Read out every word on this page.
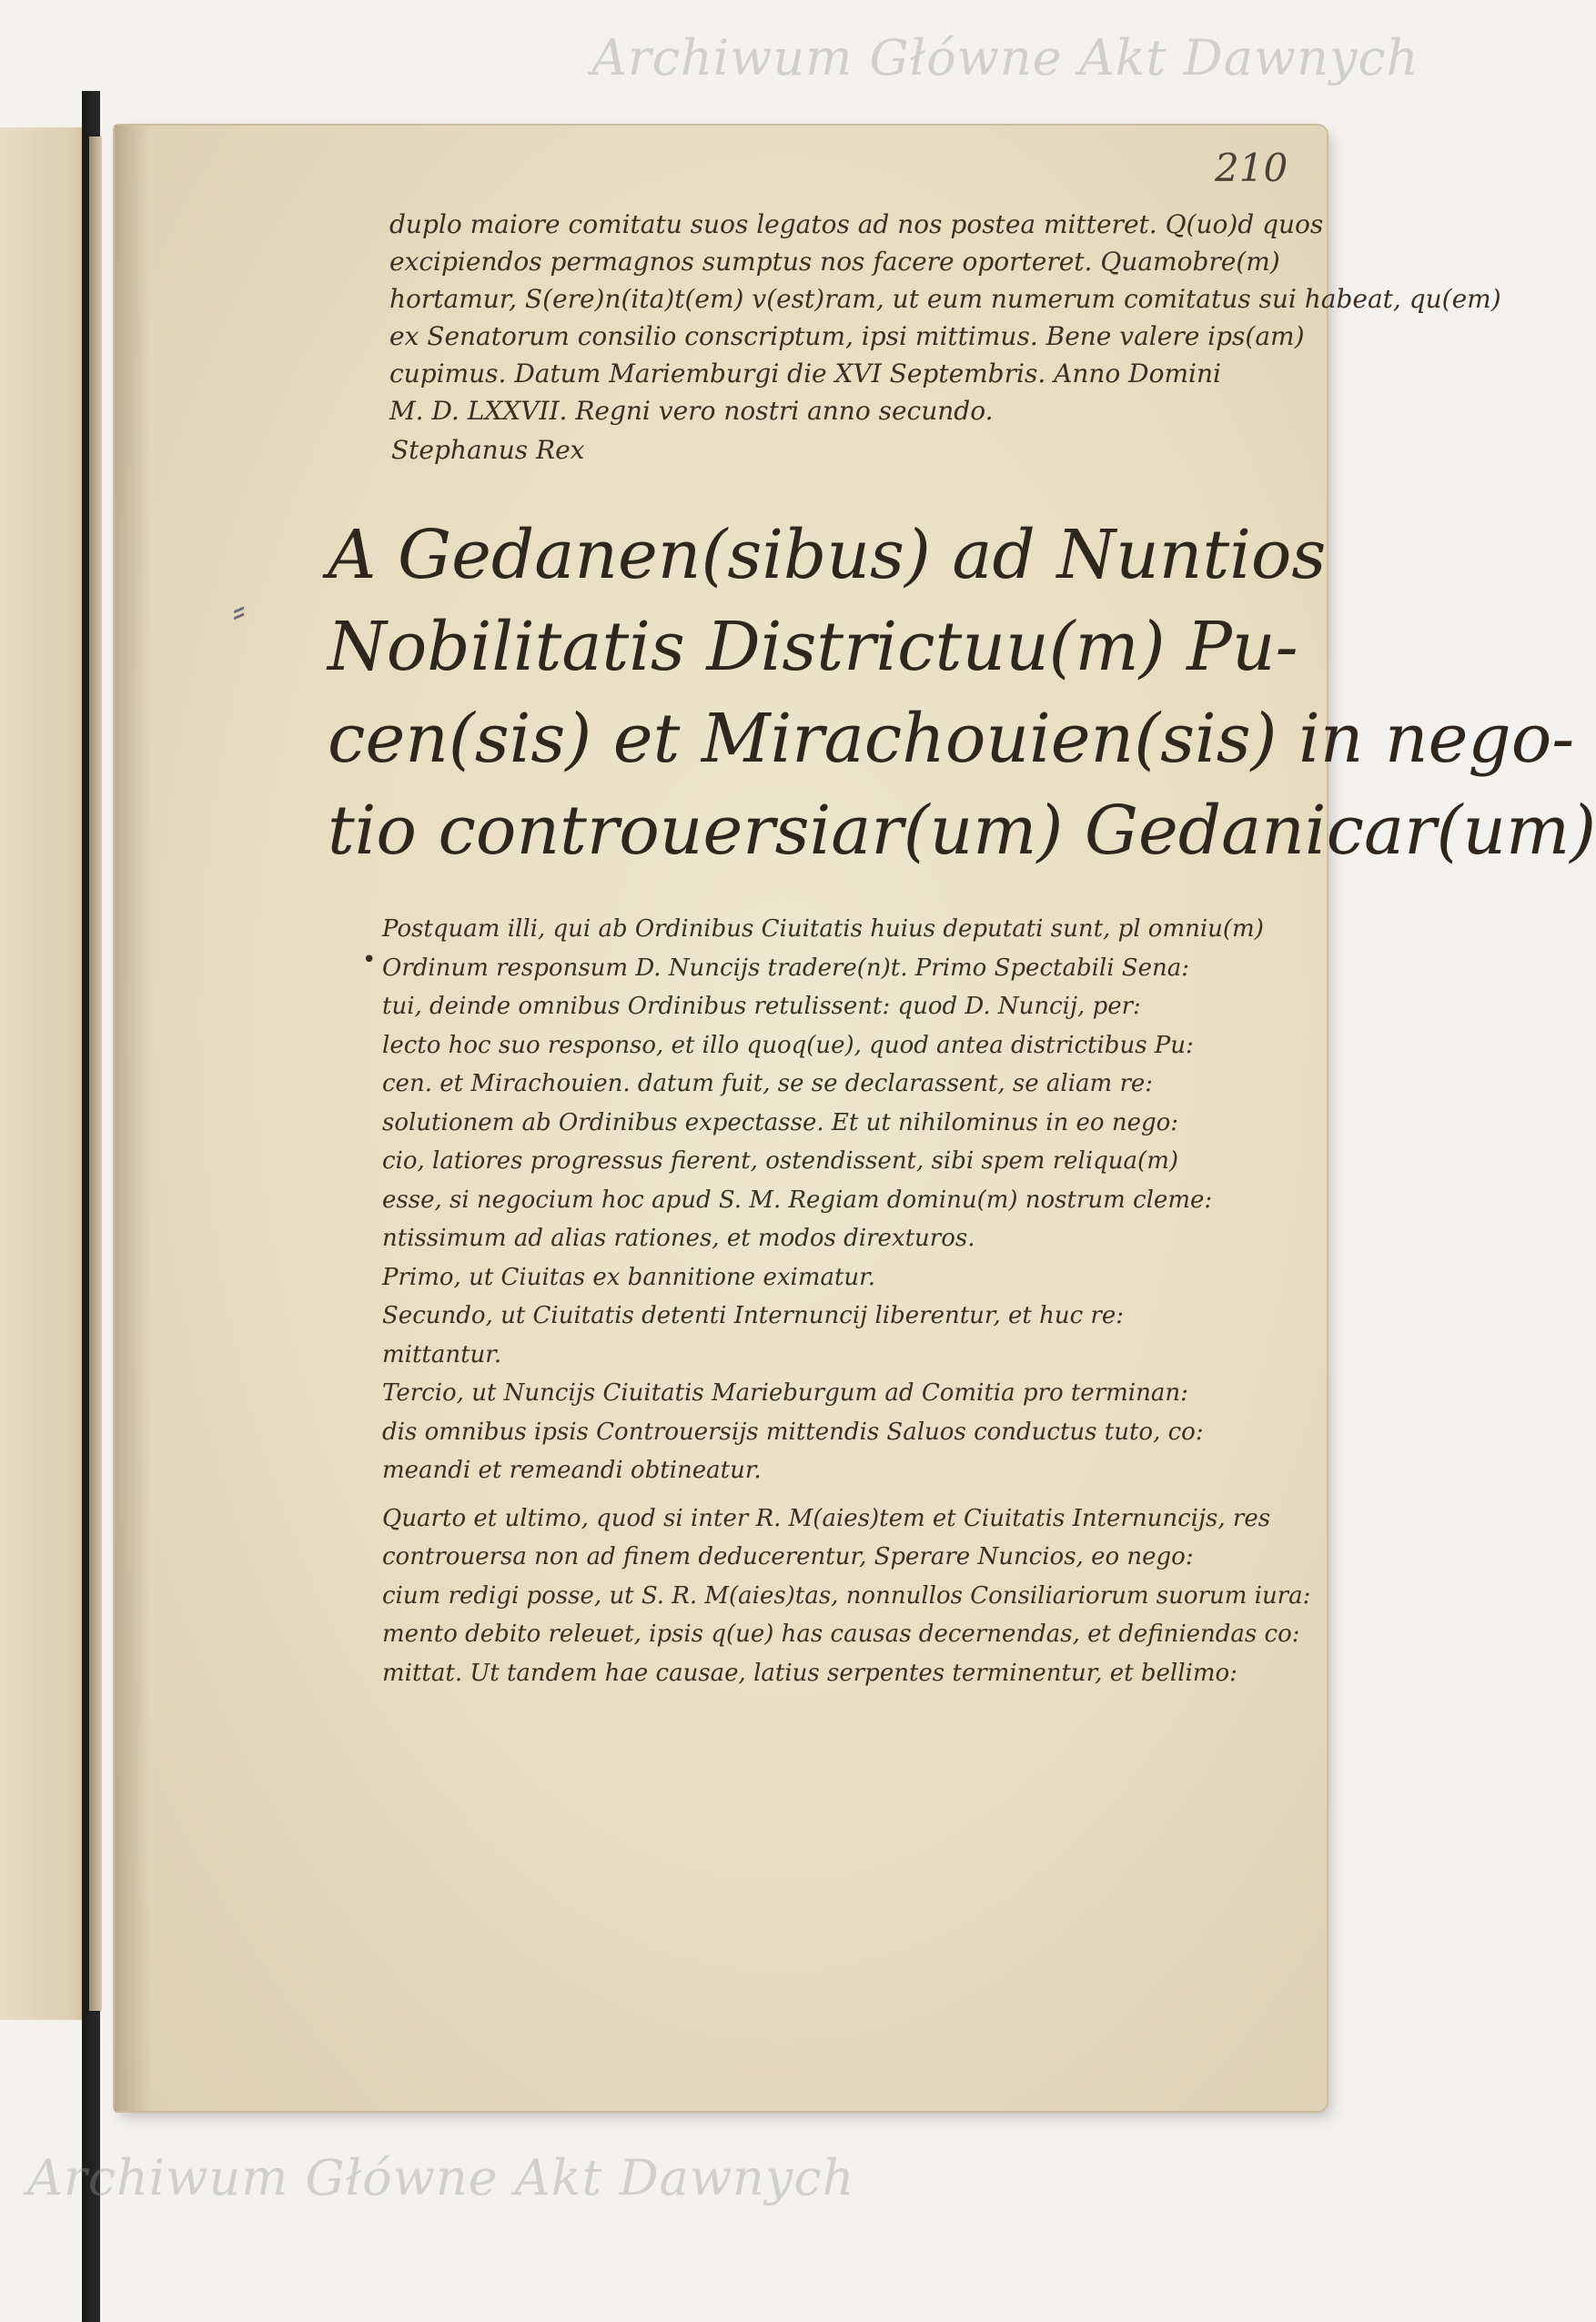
Archiwum Główne Akt Dawnych
210
duplo maiore comitatu suos legatos ad nos postea mitteret. Q(uo)d quos
excipiendos permagnos sumptus nos facere oporteret. Quamobre(m)
hortamur, S(ere)n(ita)t(em) v(est)ram, ut eum numerum comitatus sui habeat, qu(em)
ex Senatorum consilio conscriptum, ipsi mittimus. Bene valere ips(am)
cupimus. Datum Mariemburgi die XVI Septembris. Anno Domini
M. D. LXXVII. Regni vero nostri anno secundo.
Stephanus Rex
⸗
A Gedanen(sibus) ad Nuntios
Nobilitatis Districtuu(m) Pu-
cen(sis) et Mirachouien(sis) in nego-
tio controuersiar(um) Gedanicar(um)
•
Postquam illi, qui ab Ordinibus Ciuitatis huius deputati sunt, pl omniu(m)
Ordinum responsum D. Nuncijs tradere(n)t. Primo Spectabili Sena:
tui, deinde omnibus Ordinibus retulissent: quod D. Nuncij, per:
lecto hoc suo responso, et illo quoq(ue), quod antea districtibus Pu:
cen. et Mirachouien. datum fuit, se se declarassent, se aliam re:
solutionem ab Ordinibus expectasse. Et ut nihilominus in eo nego:
cio, latiores progressus fierent, ostendissent, sibi spem reliqua(m)
esse, si negocium hoc apud S. M. Regiam dominu(m) nostrum cleme:
ntissimum ad alias rationes, et modos direxturos.
Primo, ut Ciuitas ex bannitione eximatur.
Secundo, ut Ciuitatis detenti Internuncij liberentur, et huc re:
mittantur.
Tercio, ut Nuncijs Ciuitatis Marieburgum ad Comitia pro terminan:
dis omnibus ipsis Controuersijs mittendis Saluos conductus tuto, co:
meandi et remeandi obtineatur.
Quarto et ultimo, quod si inter R. M(aies)tem et Ciuitatis Internuncijs, res
controuersa non ad finem deducerentur, Sperare Nuncios, eo nego:
cium redigi posse, ut S. R. M(aies)tas, nonnullos Consiliariorum suorum iura:
mento debito releuet, ipsis q(ue) has causas decernendas, et definiendas co:
mittat. Ut tandem hae causae, latius serpentes terminentur, et bellimo:
Archiwum Główne Akt Dawnych
